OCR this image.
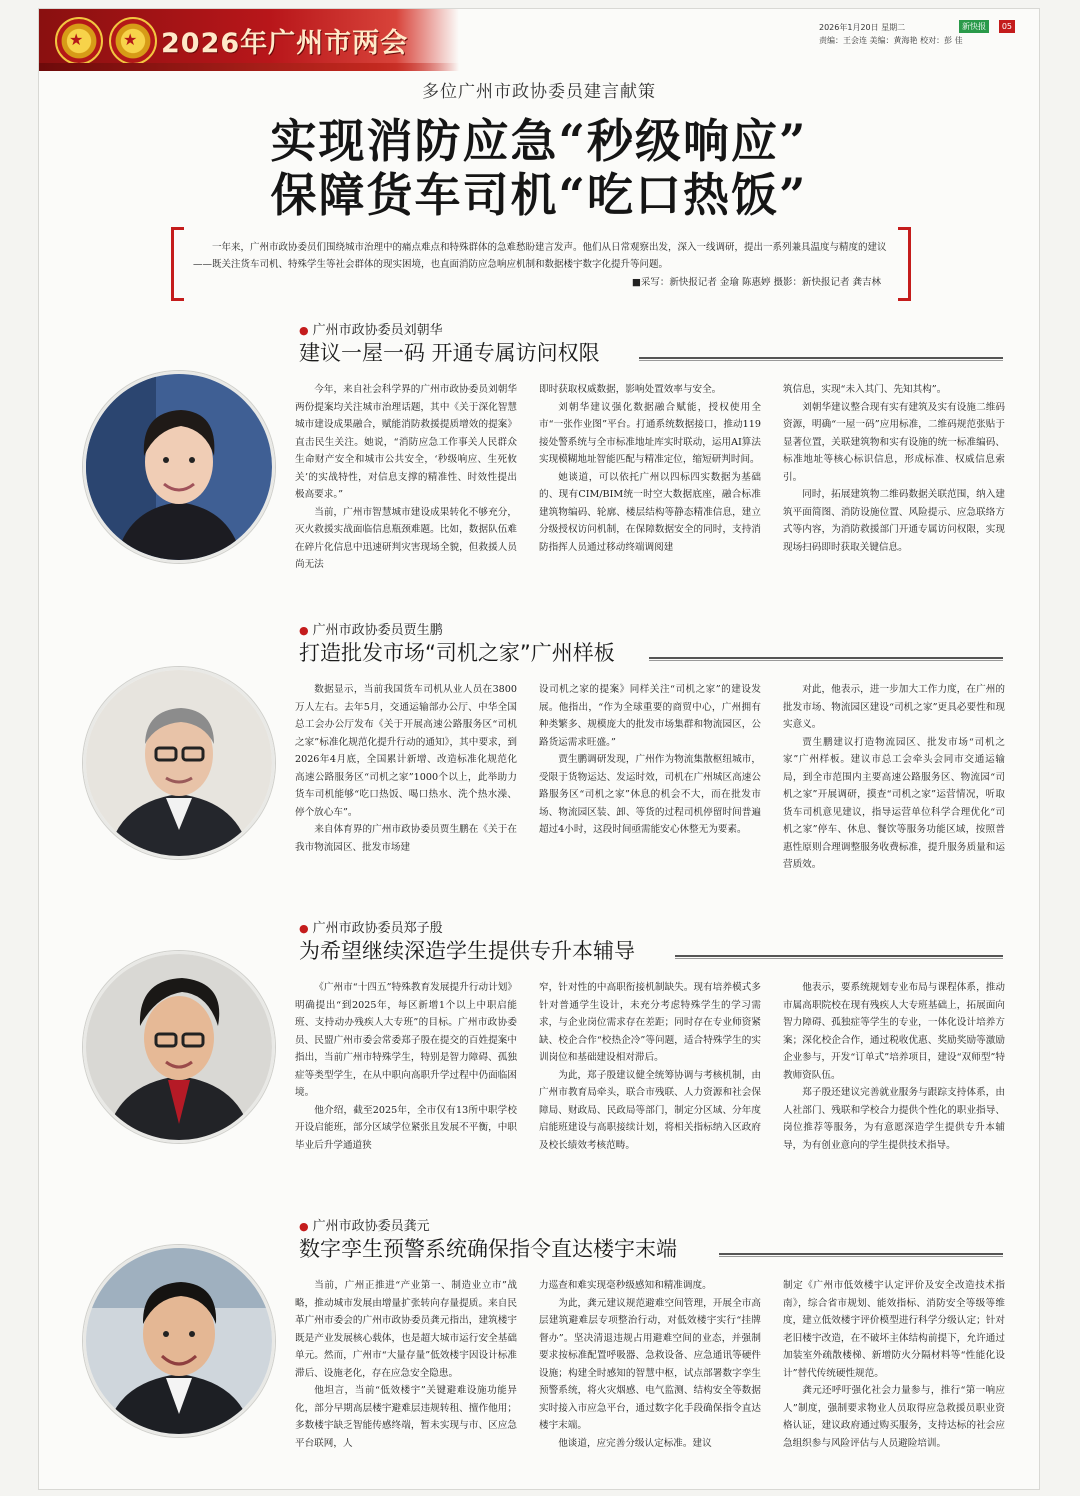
★ ★ 2026年广州市两会
2026年1月20日 星期二
责编：王会连 美编：黄海艳 校对：彭 佳
新快报	05
多位广州市政协委员建言献策
实现消防应急“秒级响应”
保障货车司机“吃口热饭”

一年来，广州市政协委员们围绕城市治理中的痛点难点和特殊群体的急难愁盼建言发声。他们从日常观察出发，深入一线调研，提出一系列兼具温度与精度的建议——既关注货车司机、特殊学生等社会群体的现实困境，也直面消防应急响应机制和数据楼宇数字化提升等问题。

■采写：新快报记者 金瑜 陈惠婷 摄影：新快报记者 龚吉林
● 广州市政协委员刘朝华
建议一屋一码 开通专属访问权限

今年，来自社会科学界的广州市政协委员刘朝华两份提案均关注城市治理话题，其中《关于深化智慧城市建设成果融合，赋能消防救援提质增效的提案》直击民生关注。她说，“消防应急工作事关人民群众生命财产安全和城市公共安全，‘秒级响应、生死攸关’的实战特性，对信息支撑的精准性、时效性提出极高要求。”

当前，广州市智慧城市建设成果转化不够充分，灭火救援实战面临信息瓶颈难题。比如，数据队伍难在碎片化信息中迅速研判灾害现场全貌，但救援人员尚无法

即时获取权威数据，影响处置效率与安全。

刘朝华建议强化数据融合赋能，授权使用全市“一张作业图”平台。打通系统数据接口，推动119接处警系统与全市标准地址库实时联动，运用AI算法实现模糊地址智能匹配与精准定位，缩短研判时间。

她谈道，可以依托广州以四标四实数据为基础的、现有CIM/BIM统一时空大数据底座，融合标准建筑物编码、轮廓、楼层结构等静态精准信息，建立分级授权访问机制，在保障数据安全的同时，支持消防指挥人员通过移动终端调阅建

筑信息，实现“未入其门、先知其构”。

刘朝华建议整合现有实有建筑及实有设施二维码资源，明确“一屋一码”应用标准，二维码规范张贴于显著位置，关联建筑物和实有设施的统一标准编码、标准地址等核心标识信息，形成标准、权威信息索引。

同时，拓展建筑物二维码数据关联范围，纳入建筑平面简图、消防设施位置、风险提示、应急联络方式等内容，为消防救援部门开通专属访问权限，实现现场扫码即时获取关键信息。

● 广州市政协委员贾生鹏
打造批发市场“司机之家”广州样板

数据显示，当前我国货车司机从业人员在3800万人左右。去年5月，交通运输部办公厅、中华全国总工会办公厅发布《关于开展高速公路服务区“司机之家”标准化规范化提升行动的通知》，其中要求，到2026年4月底，全国累计新增、改造标准化规范化高速公路服务区“司机之家”1000个以上，此举助力货车司机能够“吃口热饭、喝口热水、洗个热水澡、停个放心车”。

来自体育界的广州市政协委员贾生鹏在《关于在我市物流园区、批发市场建

设司机之家的提案》同样关注“司机之家”的建设发展。他指出，“作为全球重要的商贸中心，广州拥有种类繁多、规模庞大的批发市场集群和物流园区，公路货运需求旺盛。”

贾生鹏调研发现，广州作为物流集散枢纽城市，受限于货物运达、发运时效，司机在广州城区高速公路服务区“司机之家”休息的机会不大，而在批发市场、物流园区装、卸、等货的过程司机停留时间普遍超过4小时，这段时间亟需能安心休整无为要素。

对此，他表示，进一步加大工作力度，在广州的批发市场、物流园区建设“司机之家”更具必要性和现实意义。

贾生鹏建议打造物流园区、批发市场“司机之家”广州样板。建议市总工会牵头会同市交通运输局，到全市范围内主要高速公路服务区、物流园“司机之家”开展调研，摸查“司机之家”运营情况，听取货车司机意见建议，指导运营单位科学合理优化“司机之家”停车、休息、餐饮等服务功能区域，按照普惠性原则合理调整服务收费标准，提升服务质量和运营质效。

● 广州市政协委员郑子殷
为希望继续深造学生提供专升本辅导

《广州市“十四五”特殊教育发展提升行动计划》明确提出“到2025年，每区新增1个以上中职启能班、支持动办残疾人大专班”的目标。广州市政协委员、民盟广州市委会常委郑子殷在提交的百姓提案中指出，当前广州市特殊学生，特别是智力障碍、孤独症等类型学生，在从中职向高职升学过程中仍面临困境。

他介绍，截至2025年，全市仅有13所中职学校开设启能班，部分区域学位紧张且发展不平衡，中职毕业后升学通道狭

窄，针对性的中高职衔接机制缺失。现有培养模式多针对普通学生设计，未充分考虑特殊学生的学习需求，与企业岗位需求存在差距；同时存在专业师资紧缺、校企合作“校热企冷”等问题，适合特殊学生的实训岗位和基础建设相对滞后。

为此，郑子殷建议健全统筹协调与考核机制，由广州市教育局牵头，联合市残联、人力资源和社会保障局、财政局、民政局等部门，制定分区域、分年度启能班建设与高职接续计划，将相关指标纳入区政府及校长绩效考核范畴。

他表示，要系统规划专业布局与课程体系，推动市属高职院校在现有残疾人大专班基础上，拓展面向智力障碍、孤独症等学生的专业，一体化设计培养方案；深化校企合作，通过税收优惠、奖励奖励等激励企业参与，开发“订单式”培养项目，建设“双师型”特教师资队伍。

郑子殷还建议完善就业服务与跟踪支持体系，由人社部门、残联和学校合力提供个性化的职业指导、岗位推荐等服务，为有意愿深造学生提供专升本辅导，为有创业意向的学生提供技术指导。

● 广州市政协委员龚元
数字孪生预警系统确保指令直达楼宇末端

当前，广州正推进“产业第一、制造业立市”战略，推动城市发展由增量扩张转向存量提质。来自民革广州市委会的广州市政协委员龚元指出，建筑楼宇既是产业发展核心载体，也是超大城市运行安全基础单元。然而，广州市“大量存量”低效楼宇因设计标准滞后、设施老化，存在应急安全隐患。

他坦言，当前“低效楼宇”关键避难设施功能异化，部分早期高层楼宇避难层违规转租、擅作他用；多数楼宇缺乏智能传感终端，暂未实现与市、区应急平台联网，人

力巡查和难实现毫秒级感知和精准调度。

为此，龚元建议规范避难空间管理，开展全市高层建筑避难层专项整治行动，对低效楼宇实行“挂牌督办”。坚决清退违规占用避难空间的业态，并强制要求按标准配置呼吸器、急救设备、应急通讯等硬件设施；构建全时感知的智慧中枢，试点部署数字孪生预警系统，将火灾烟感、电气监测、结构安全等数据实时接入市应急平台，通过数字化手段确保指令直达楼宇末端。

他谈道，应完善分级认定标准。建议

制定《广州市低效楼宇认定评价及安全改造技术指南》，综合省市规划、能效指标、消防安全等级等维度，建立低效楼宇评价模型进行科学分级认定；针对老旧楼宇改造，在不破坏主体结构前提下，允许通过加装室外疏散楼梯、新增防火分隔材料等“性能化设计”替代传统硬性规范。

龚元还呼吁强化社会力量参与，推行“第一响应人”制度，强制要求物业人员取得应急救援员职业资格认证，建议政府通过购买服务，支持达标的社会应急组织参与风险评估与人员避险培训。
